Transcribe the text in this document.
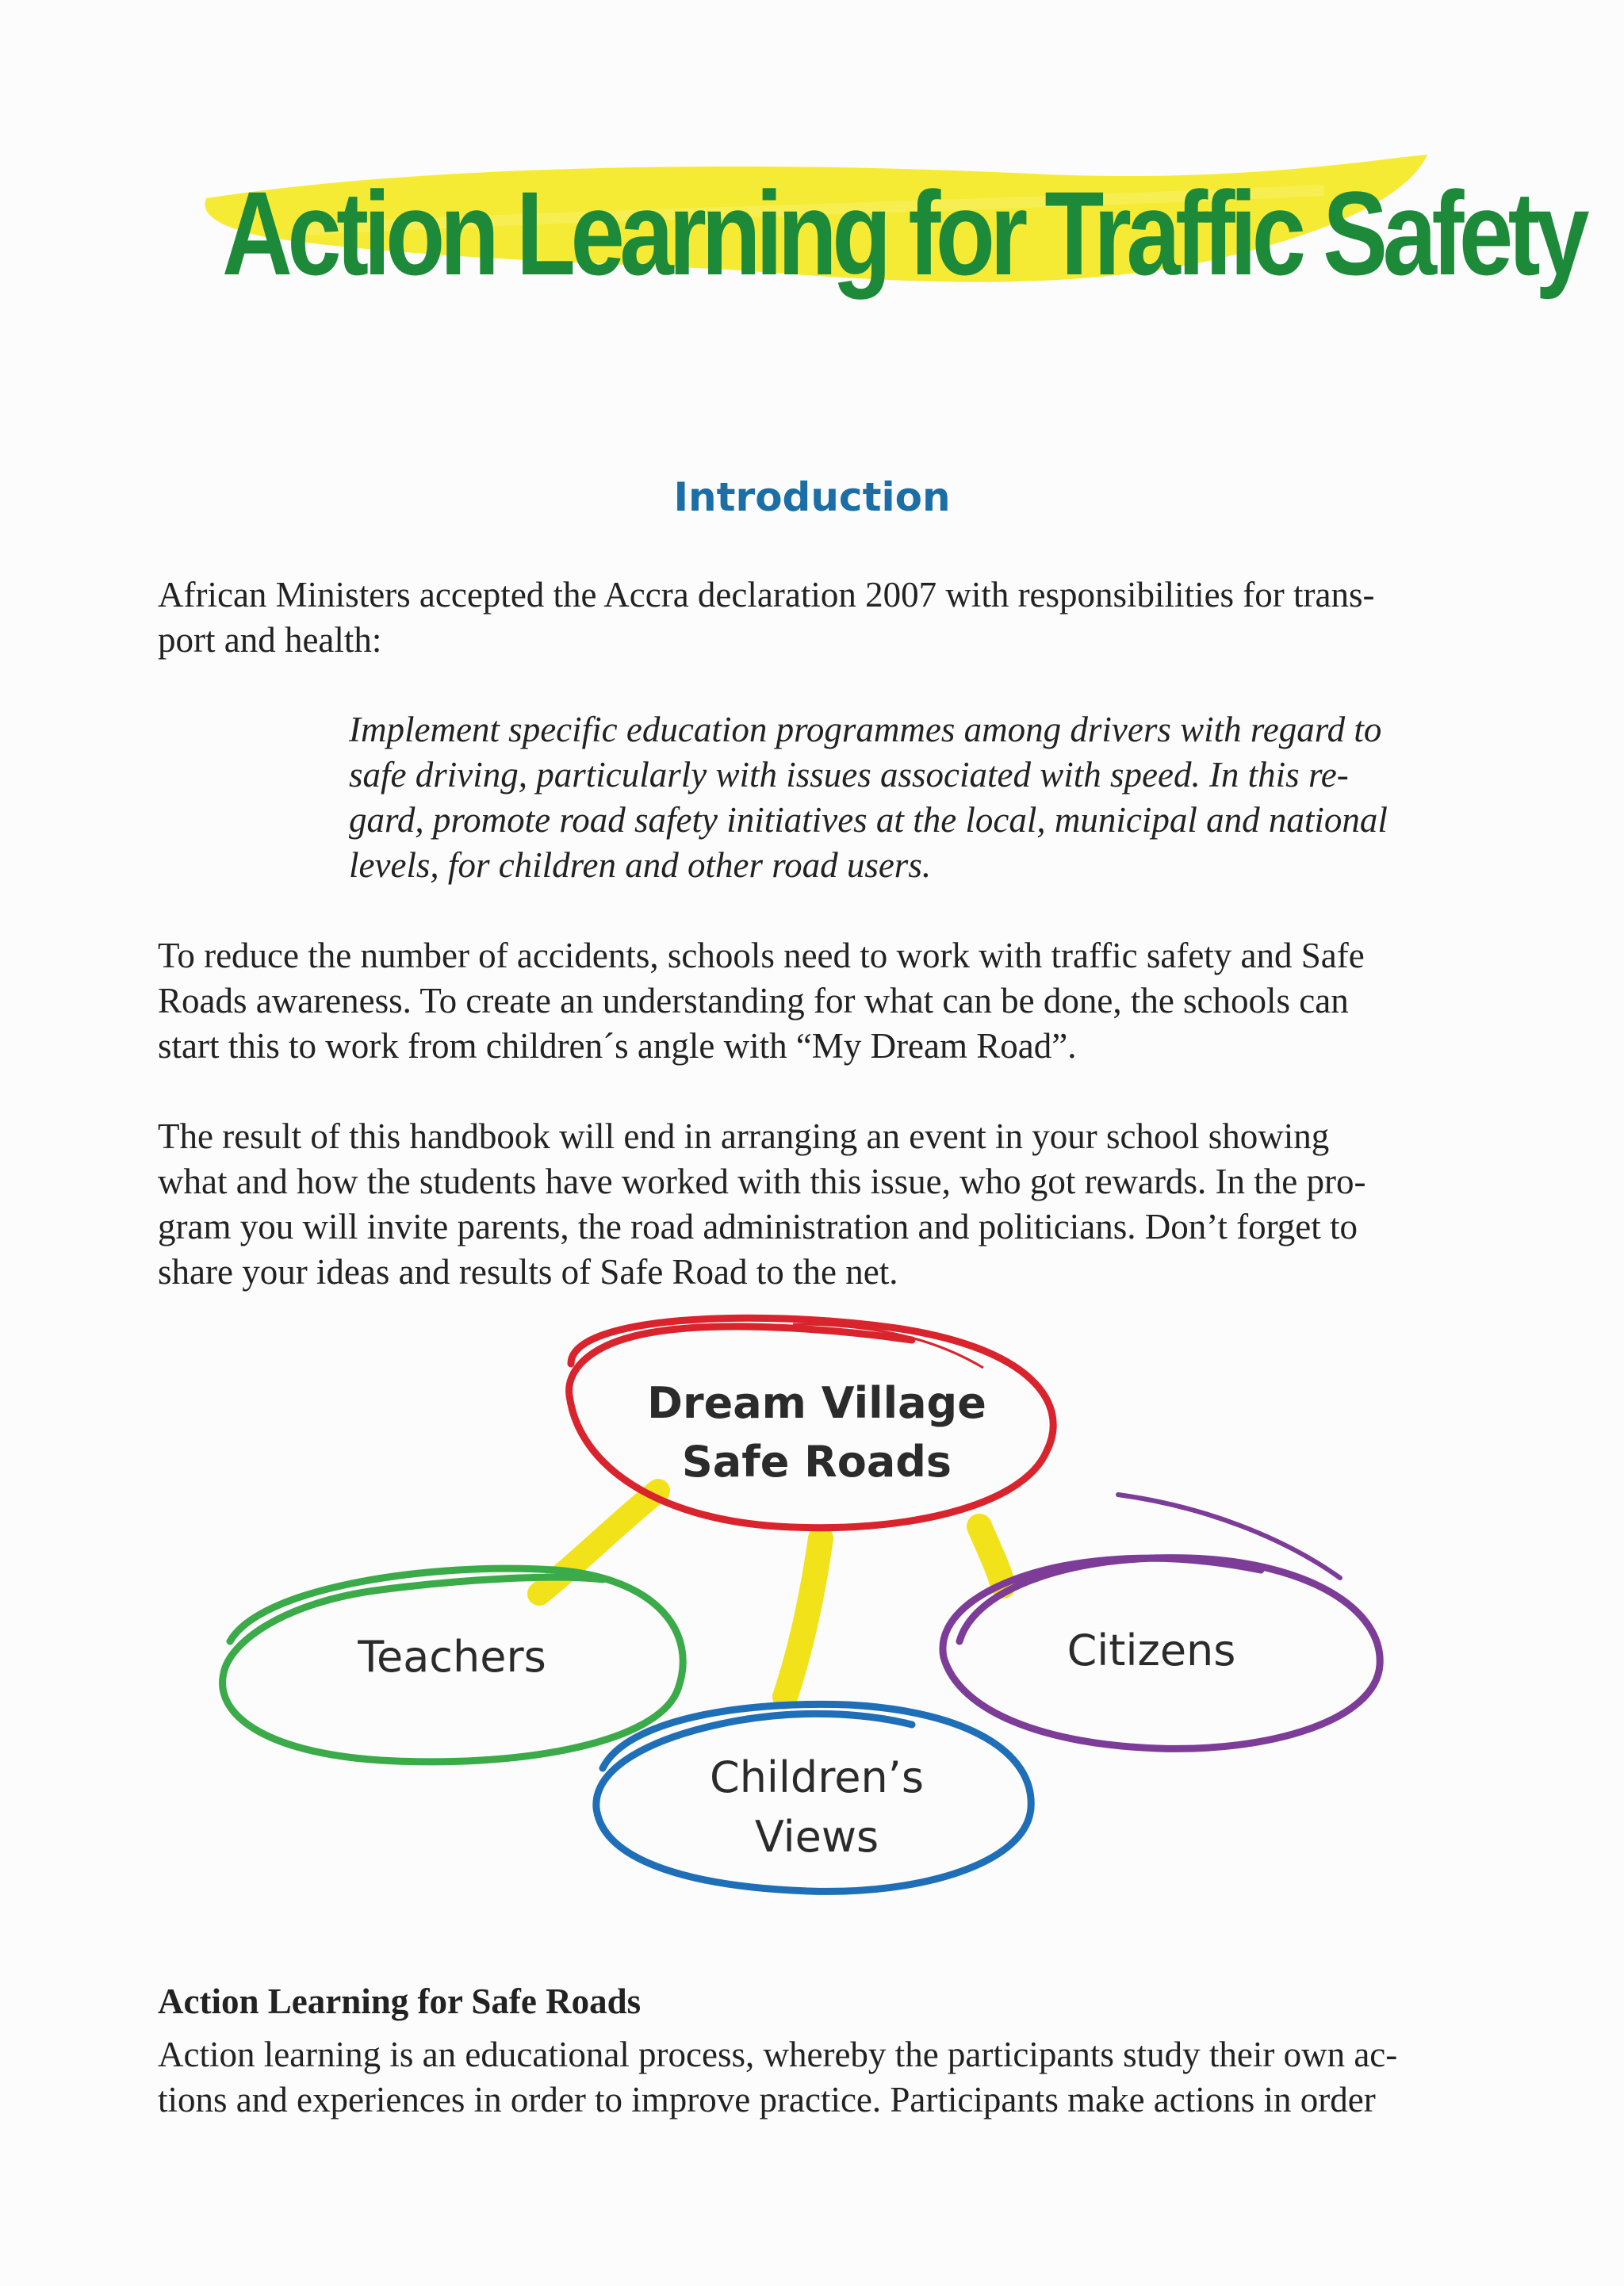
Action Learning for Traffic Safety
Introduction

African Ministers accepted the Accra declaration 2007 with responsibilities for trans-

port and health:

Implement specific education programmes among drivers with regard to

safe driving, particularly with issues associated with speed. In this re-

gard, promote road safety initiatives at the local, municipal and national

levels, for children and other road users.

To reduce the number of accidents, schools need to work with traffic safety and Safe

Roads awareness. To create an understanding for what can be done, the schools can

start this to work from children´s angle with “My Dream Road”.

The result of this handbook will end in arranging an event in your school showing

what and how the students have worked with this issue, who got rewards. In the pro-

gram you will invite parents, the road administration and politicians. Don’t forget to

share your ideas and results of Safe Road to the net.

Dream Village
Safe Roads
Teachers	Citizens
Children’s
Views
Action Learning for Safe Roads

Action learning is an educational process, whereby the participants study their own ac-

tions and experiences in order to improve practice. Participants make actions in order
